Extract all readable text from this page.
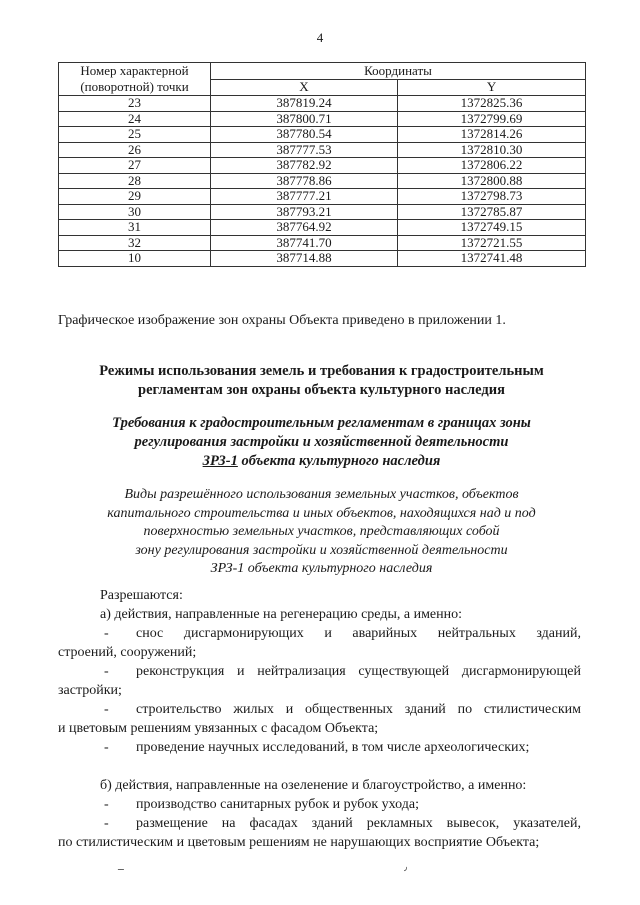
4
Номер характерной (поворотной) точки	Координаты	
	X	Y
23	387819.24	1372825.36
24	387800.71	1372799.69
25	387780.54	1372814.26
26	387777.53	1372810.30
27	387782.92	1372806.22
28	387778.86	1372800.88
29	387777.21	1372798.73
30	387793.21	1372785.87
31	387764.92	1372749.15
32	387741.70	1372721.55
10	387714.88	1372741.48
Графическое изображение зон охраны Объекта приведено в приложении 1.
Режимы использования земель и требования к градостроительным
регламентам зон охраны объекта культурного наследия
Требования к градостроительным регламентам в границах зоны
регулирования застройки и хозяйственной деятельности
ЗРЗ-1 объекта культурного наследия
Виды разрешённого использования земельных участков, объектов
капитального строительства и иных объектов, находящихся над и под
поверхностью земельных участков, представляющих собой
зону регулирования застройки и хозяйственной деятельности
ЗРЗ-1 объекта культурного наследия
Разрешаются:
а) действия, направленные на регенерацию среды, а именно:
- снос дисгармонирующих и аварийных нейтральных зданий,
строений, сооружений;
- реконструкция и нейтрализация существующей дисгармонирующей
застройки;
- строительство жилых и общественных зданий по стилистическим
и цветовым решениям увязанных с фасадом Объекта;
- проведение научных исследований, в том числе археологических;
б) действия, направленные на озеленение и благоустройство, а именно:
- производство санитарных рубок и рубок ухода;
- размещение на фасадах зданий рекламных вывесок, указателей,
по стилистическим и цветовым решениям не нарушающих восприятие Объекта;
ــ	٫
